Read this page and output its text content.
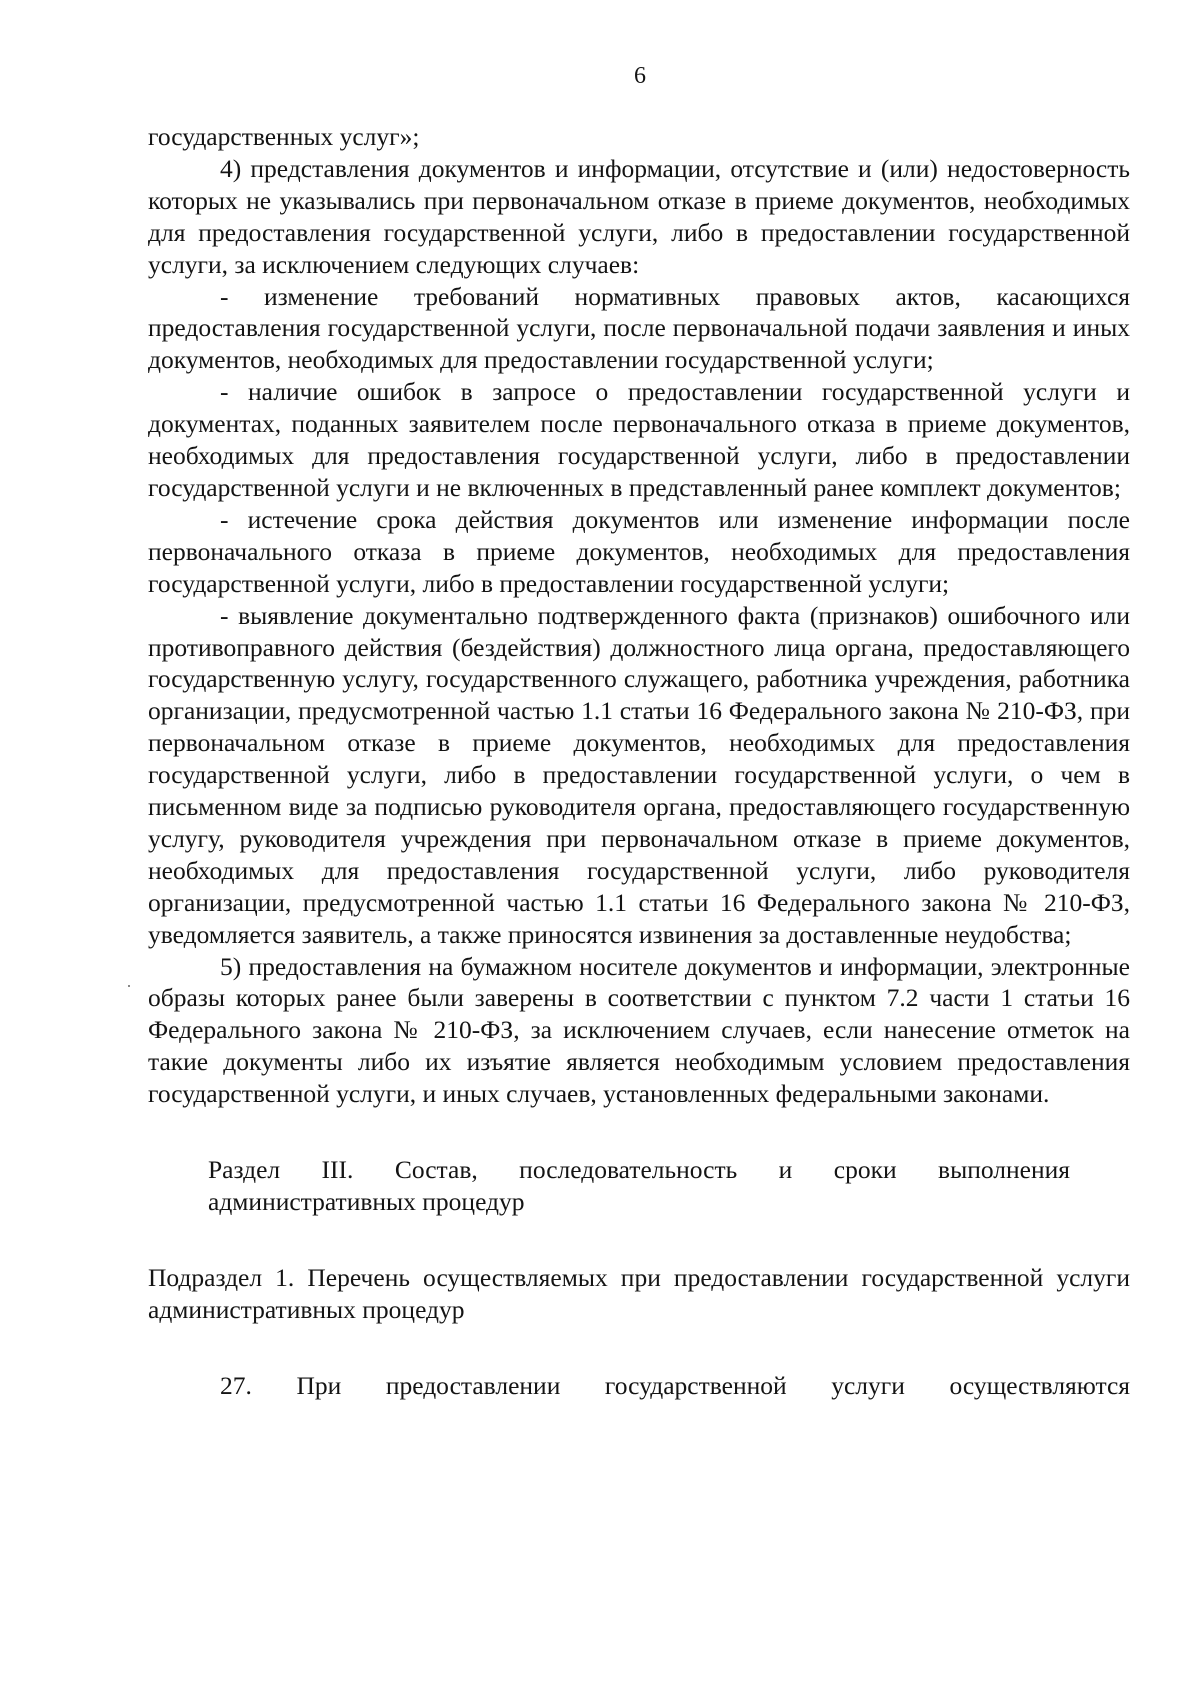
6

государственных услуг»;

4) представления документов и информации, отсутствие и (или) недостоверность которых не указывались при первоначальном отказе в приеме документов, необходимых для предоставления государственной услуги, либо в предоставлении государственной услуги, за исключением следующих случаев:

- изменение требований нормативных правовых актов, касающихся предоставления государственной услуги, после первоначальной подачи заявления и иных документов, необходимых для предоставлении государственной услуги;

- наличие ошибок в запросе о предоставлении государственной услуги и документах, поданных заявителем после первоначального отказа в приеме документов, необходимых для предоставления государственной услуги, либо в предоставлении государственной услуги и не включенных в представленный ранее комплект документов;

- истечение срока действия документов или изменение информации после первоначального отказа в приеме документов, необходимых для предоставления государственной услуги, либо в предоставлении государственной услуги;

- выявление документально подтвержденного факта (признаков) ошибочного или противоправного действия (бездействия) должностного лица органа, предоставляющего государственную услугу, государственного служащего, работника учреждения, работника организации, предусмотренной частью 1.1 статьи 16 Федерального закона № 210-ФЗ, при первоначальном отказе в приеме документов, необходимых для предоставления государственной услуги, либо в предоставлении государственной услуги, о чем в письменном виде за подписью руководителя органа, предоставляющего государственную услугу, руководителя учреждения при первоначальном отказе в приеме документов, необходимых для предоставления государственной услуги, либо руководителя организации, предусмотренной частью 1.1 статьи 16 Федерального закона № 210-ФЗ, уведомляется заявитель, а также приносятся извинения за доставленные неудобства;

5) предоставления на бумажном носителе документов и информации, электронные образы которых ранее были заверены в соответствии с пунктом 7.2 части 1 статьи 16 Федерального закона № 210-ФЗ, за исключением случаев, если нанесение отметок на такие документы либо их изъятие является необходимым условием предоставления государственной услуги, и иных случаев, установленных федеральными законами.

Раздел III. Состав, последовательность и сроки выполнения административных процедур

Подраздел 1. Перечень осуществляемых при предоставлении государственной услуги административных процедур

27. При предоставлении государственной услуги осуществляются
